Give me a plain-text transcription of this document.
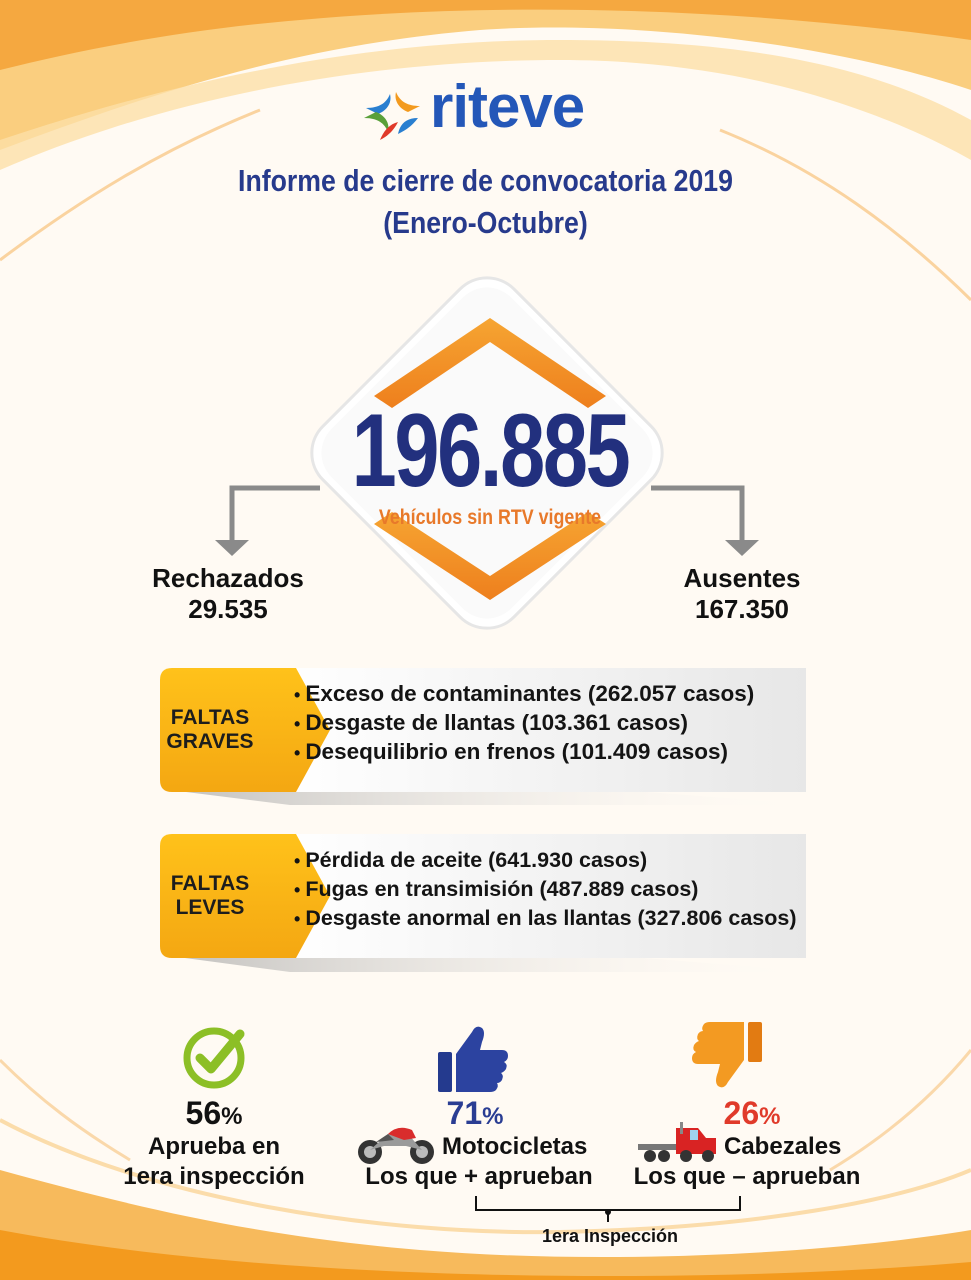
riteve
Informe de cierre de convocatoria 2019
(Enero-Octubre)
196.885
Vehículos sin RTV vigente
Rechazados
29.535
Ausentes
167.350
FALTAS
GRAVES
• Exceso de contaminantes (262.057 casos)
• Desgaste de llantas (103.361 casos)
• Desequilibrio en frenos (101.409 casos)
FALTAS
LEVES
• Pérdida de aceite (641.930 casos)
• Fugas en transimisión (487.889 casos)
• Desgaste anormal en las llantas (327.806 casos)
56%
Aprueba en
1era inspección
71%
Motocicletas
Los que + aprueban
26%
Cabezales
Los que – aprueban
1era Inspección
